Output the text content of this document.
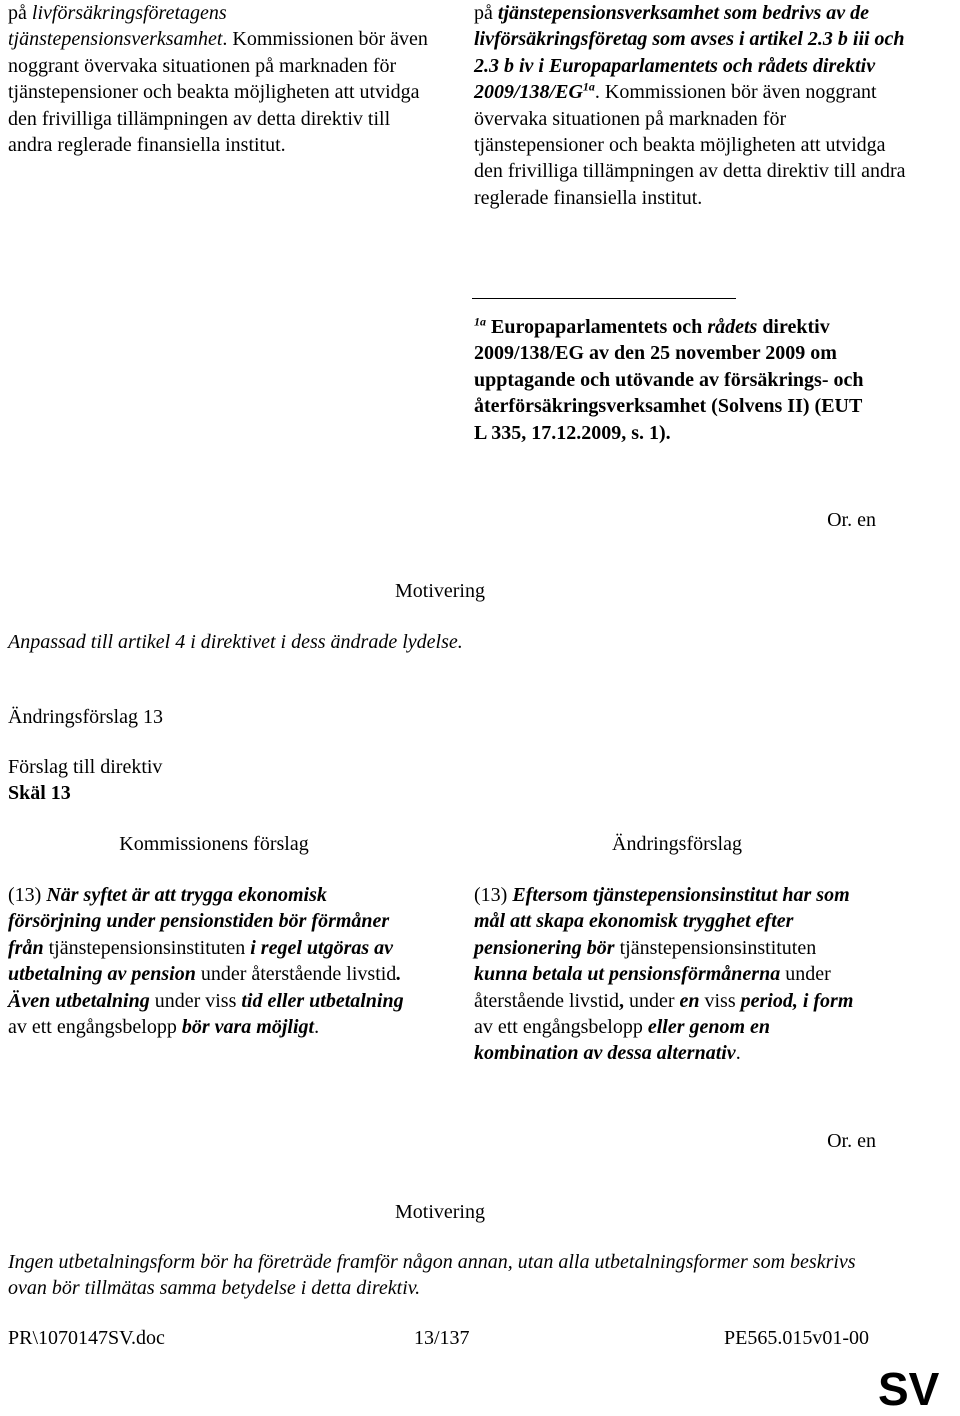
på livförsäkringsföretagens
tjänstepensionsverksamhet. Kommissionen bör även noggrant övervaka situationen på marknaden för tjänstepensioner och beakta möjligheten att utvidga den frivilliga tillämpningen av detta direktiv till andra reglerade finansiella institut.
på tjänstepensionsverksamhet som bedrivs av de livförsäkringsföretag som avses i artikel 2.3 b iii och 2.3 b iv i Europaparlamentets och rådets direktiv $2009/138/EG^{1a}$. Kommissionen bör även noggrant övervaka situationen på marknaden för tjänstepensioner och beakta möjligheten att utvidga den frivilliga tillämpningen av detta direktiv till andra reglerade finansiella institut.
$^{1a}$ Europaparlamentets och rådets direktiv 2009/138/EG av den 25 november 2009 om upptagande och utövande av försäkrings- och återförsäkringsverksamhet (Solvens II) (EUT L 335, 17.12.2009, s. 1).
Or. en
Motivering
Anpassad till artikel 4 i direktivet i dess ändrade lydelse.
Ändringsförslag 13
Förslag till direktiv
Skäl 13
Kommissionens förslag	Ändringsförslag
(13) När syftet är att trygga ekonomisk försörjning under pensionstiden bör förmåner från tjänstepensionsinstituten i regel utgöras av utbetalning av pension under återstående livstid. Även utbetalning under viss tid eller utbetalning av ett engångsbelopp bör vara möjligt.
(13) Eftersom tjänstepensionsinstitut har som mål att skapa ekonomisk trygghet efter pensionering bör tjänstepensionsinstituten kunna betala ut pensionsförmånerna under återstående livstid, under en viss period, i form av ett engångsbelopp eller genom en kombination av dessa alternativ.
Or. en
Motivering
Ingen utbetalningsform bör ha företräde framför någon annan, utan alla utbetalningsformer som beskrivs ovan bör tillmätas samma betydelse i detta direktiv.
PR\1070147SV.doc	13/137	PE565.015v01-00
SV
